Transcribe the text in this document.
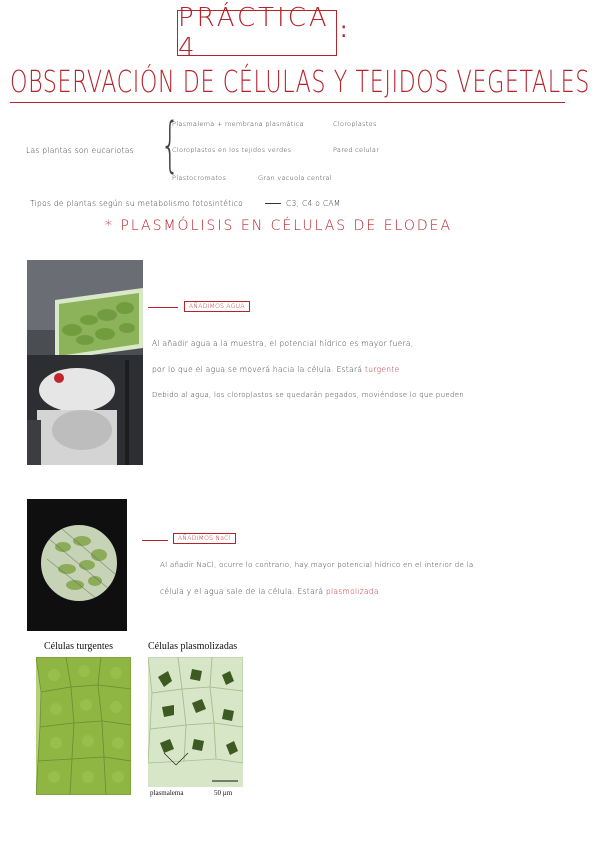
PRÁCTICA 4
:
OBSERVACIÓN DE CÉLULAS Y TEJIDOS VEGETALES
Las plantas son eucariotas {
Plasmalema + membrana plasmática	Cloroplastos
Cloroplastos en los tejidos verdes	Pared celular
Plastocromatos	Gran vacuola central
Tipos de plantas según su metabolismo fotosintético	C3, C4 o CAM
* PLASMÓLISIS EN CÉLULAS DE ELODEA
AÑADIMOS AGUA
Al añadir agua a la muestra, el potencial hídrico es mayor fuera,
por lo que el agua se moverá hacia la célula. Estará turgente
Debido al agua, los cloroplastos se quedarán pegados, moviéndose lo que pueden
AÑADIMOS NaCl
Al añadir NaCl, ocurre lo contrario, hay mayor potencial hídrico en el interior de la
célula y el agua sale de la célula. Estará plasmolizada
Células turgentes	Células plasmolizadas
plasmalema	50 µm
